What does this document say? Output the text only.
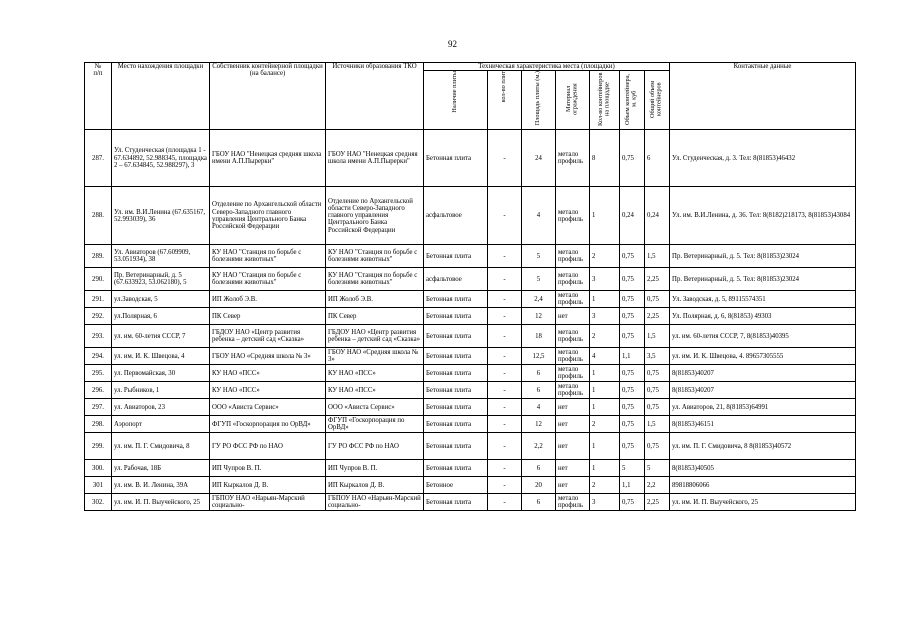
92
№
п/п	Место нахождения площадки	Собственник контейнерной площадки (на балансе)	Источники образования ТКО	Техническая характеристика места (площадки)							Контактные данные

				Наличие плиты	кол-во плит	Площадь плиты (м.)	Материал ограждения	Кол-во контейнеров на площадке	Объем контейнера, м. куб	Общий объем контейнеров	

287.	Ул. Студенческая (площадка 1 - 67.634892, 52.988345, площадка 2 – 67.634845, 52.988297), 3	ГБОУ НАО "Ненецкая средняя школа имени А.П.Пырерки"	ГБОУ НАО "Ненецкая средняя школа имени А.П.Пырерки"	Бетонная плита	-	24	метало профиль	8	0,75	6	Ул. Студенческая, д. 3. Тел: 8(81853)46432
288.	Ул. им. В.И.Ленина (67.635167, 52.993039), 36	Отделение по Архангельской области Северо-Западного главного управления Центрального Банка Российской Федерации	Отделение по Архангельской области Северо-Западного главного управления Центрального Банка Российской Федерации	асфальтовое	-	4	метало профиль	1	0,24	0,24	Ул. им. В.И.Ленина, д. 36. Тел: 8(8182)218173, 8(81853)43084
289.	Ул. Авиаторов (67.609909, 53.051934), 38	КУ НАО "Станция по борьбе с болезнями животных"	КУ НАО "Станция по борьбе с болезнями животных"	Бетонная плита	-	5	метало профиль	2	0,75	1,5	Пр. Ветеринарный, д. 5. Тел: 8(81853)23024
290.	Пр. Ветеринарный, д. 5 (67.633923, 53.062180), 5	КУ НАО "Станция по борьбе с болезнями животных"	КУ НАО "Станция по борьбе с болезнями животных"	асфальтовое	-	5	метало профиль	3	0,75	2,25	Пр. Ветеринарный, д. 5. Тел: 8(81853)23024
291.	ул.Заводская, 5	ИП Жолоб Э.В.	ИП Жолоб Э.В.	Бетонная плита	-	2,4	метало профиль	1	0,75	0,75	Ул. Заводская, д. 5, 89115574351
292.	ул.Полярная, 6	ПК Север	ПК Север	Бетонная плита	-	12	нет	3	0,75	2,25	Ул. Полярная, д. 6, 8(81853) 49303
293.	ул. им. 60-летия СССР, 7	ГБДОУ НАО «Центр развития ребенка – детский сад «Сказка»	ГБДОУ НАО «Центр развития ребенка – детский сад «Сказка»	Бетонная плита	-	18	метало профиль	2	0,75	1,5	ул. им. 60-летия СССР, 7, 8(81853)40395
294.	ул. им. И. К. Швецова, 4	ГБОУ НАО «Средняя школа № 3»	ГБОУ НАО «Средняя школа № 3»	Бетонная плита	-	12,5	метало профиль	4	1,1	3,5	ул. им. И. К. Швецова, 4. 89657305555
295.	ул. Первомайская, 30	КУ НАО «ПСС»	КУ НАО «ПСС»	Бетонная плита	-	6	метало профиль	1	0,75	0,75	8(81853)40207
296.	ул. Рыбников, 1	КУ НАО «ПСС»	КУ НАО «ПСС»	Бетонная плита	-	6	метало профиль	1	0,75	0,75	8(81853)40207
297.	ул. Авиаторов, 23	ООО «Ависта Сервис»	ООО «Ависта Сервис»	Бетонная плита	-	4	нет	1	0,75	0,75	ул. Авиаторов, 21, 8(81853)64991
298.	Аэропорт	ФГУП «Госкорпорация по ОрВД»	ФГУП «Госкорпорация по ОрВД»	Бетонная плита	-	12	нет	2	0,75	1,5	8(81853)46151
299.	ул. им. П. Г. Смидовича, 8	ГУ РО ФСС РФ по НАО	ГУ РО ФСС РФ по НАО	Бетонная плита	-	2,2	нет	1	0,75	0,75	ул. им. П. Г. Смидовича, 8 8(81853)40572
300.	ул. Рабочая, 18Б	ИП Чупров В. П.	ИП Чупров В. П.	Бетонная плита	-	6	нет	1	5	5	8(81853)40505
301	ул. им. В. И. Ленина, 39А	ИП Кыркалов Д. В.	ИП Кыркалов Д. В.	Бетонное	-	20	нет	2	1,1	2,2	89818806066
302.	ул. им. И. П. Выучейского, 25	ГБПОУ НАО «Нарьян-Марский социально-	ГБПОУ НАО «Нарьян-Марский социально-	Бетонная плита	-	6	метало профиль	3	0,75	2,25	ул. им. И. П. Выучейского, 25
